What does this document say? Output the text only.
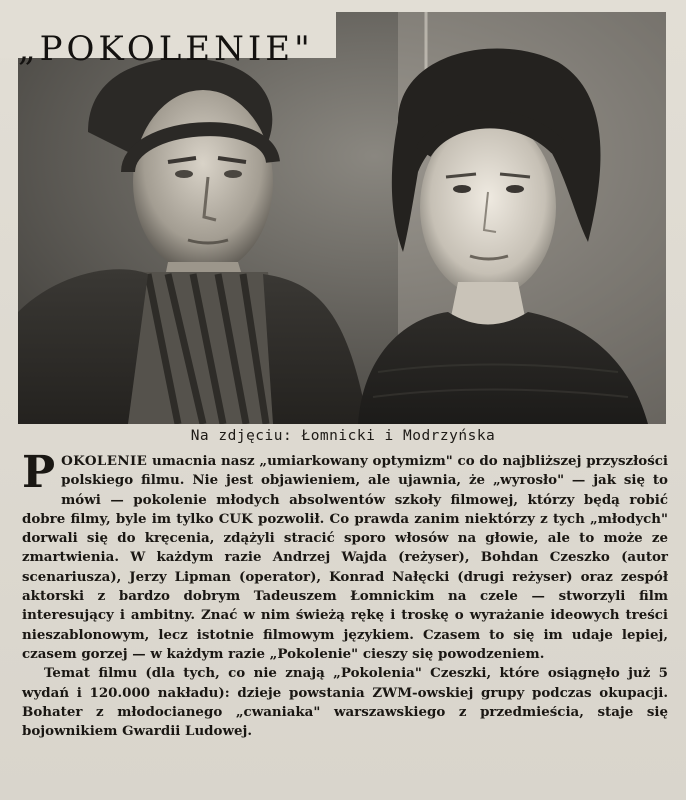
„POKOLENIE"
Na zdjęciu: Łomnicki i Modrzyńska

POKOLENIE umacnia nasz „umiarkowany optymizm" co do najbliższej przyszłości polskiego filmu. Nie jest objawieniem, ale ujawnia, że „wyrosło" — jak się to mówi — pokolenie młodych absolwentów szkoły filmowej, którzy będą robić dobre filmy, byle im tylko CUK pozwolił. Co prawda zanim niektórzy z tych „młodych" dorwali się do kręcenia, zdążyli stracić sporo włosów na głowie, ale to może ze zmartwienia. W każdym razie Andrzej Wajda (reżyser), Bohdan Czeszko (autor scenariusza), Jerzy Lipman (operator), Konrad Nałęcki (drugi reżyser) oraz zespół aktorski z bardzo dobrym Tadeuszem Łomnickim na czele — stworzyli film interesujący i ambitny. Znać w nim świeżą rękę i troskę o wyrażanie ideowych treści nieszablonowym, lecz istotnie filmowym językiem. Czasem to się im udaje lepiej, czasem gorzej — w każdym razie „Pokolenie" cieszy się powodzeniem.

Temat filmu (dla tych, co nie znają „Pokolenia" Czeszki, które osiągnęło już 5 wydań i 120.000 nakładu): dzieje powstania ZWM-owskiej grupy podczas okupacji. Bohater z młodocianego „cwaniaka" warszawskiego z przedmieścia, staje się bojownikiem Gwardii Ludowej.
